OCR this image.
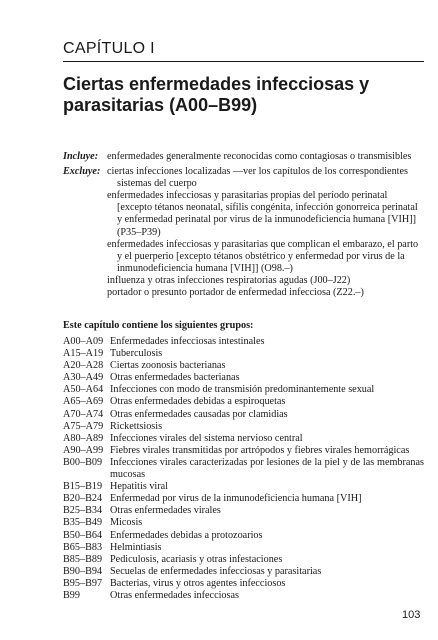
CAPÍTULO I
Ciertas enfermedades infecciosas y parasitarias (A00–B99)
Incluye: enfermedades generalmente reconocidas como contagiosas o transmisibles
Excluye: ciertas infecciones localizadas —ver los capítulos de los correspondientes sistemas del cuerpo
enfermedades infecciosas y parasitarias propias del período perinatal [excepto tétanos neonatal, sífilis congénita, infección gonorreica perinatal y enfermedad perinatal por virus de la inmunodeficiencia humana [VIH]] (P35–P39)
enfermedades infecciosas y parasitarias que complican el embarazo, el parto y el puerperio [excepto tétanos obstétrico y enfermedad por virus de la inmunodeficiencia humana [VIH]] (O98.–)
influenza y otras infecciones respiratorias agudas (J00–J22)
portador o presunto portador de enfermedad infecciosa (Z22.–)
Este capítulo contiene los siguientes grupos:
A00–A09 Enfermedades infecciosas intestinales
A15–A19 Tuberculosis
A20–A28 Ciertas zoonosis bacterianas
A30–A49 Otras enfermedades bacterianas
A50–A64 Infecciones con modo de transmisión predominantemente sexual
A65–A69 Otras enfermedades debidas a espiroquetas
A70–A74 Otras enfermedades causadas por clamidias
A75–A79 Rickettsiosis
A80–A89 Infecciones virales del sistema nervioso central
A90–A99 Fiebres virales transmitidas por artrópodos y fiebres virales hemorrágicas
B00–B09 Infecciones virales caracterizadas por lesiones de la piel y de las membranas mucosas
B15–B19 Hepatitis viral
B20–B24 Enfermedad por virus de la inmunodeficiencia humana [VIH]
B25–B34 Otras enfermedades virales
B35–B49 Micosis
B50–B64 Enfermedades debidas a protozoarios
B65–B83 Helmintiasis
B85–B89 Pediculosis, acariasis y otras infestaciones
B90–B94 Secuelas de enfermedades infecciosas y parasitarias
B95–B97 Bacterias, virus y otros agentes infecciosos
B99	Otras enfermedades infecciosas
103
